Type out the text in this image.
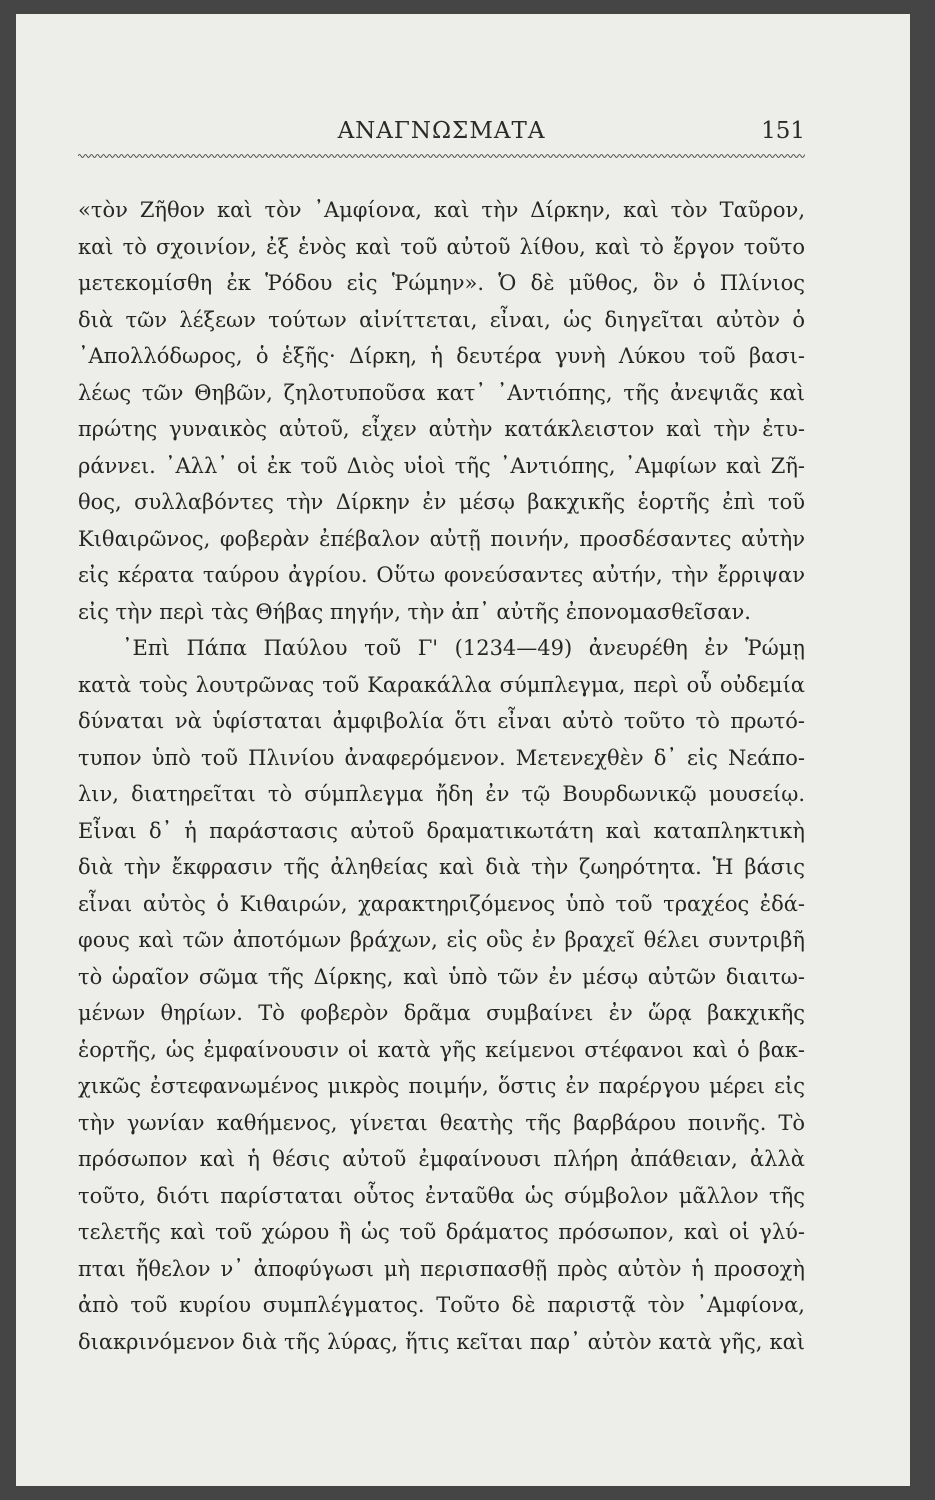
ΑΝΑΓΝΩΣΜΑΤΑ	151
«τὸν Ζῆθον καὶ τὸν ᾿Αμφίονα, καὶ τὴν Δίρκην, καὶ τὸν Ταῦρον,
καὶ τὸ σχοινίον, ἐξ ἑνὸς καὶ τοῦ αὐτοῦ λίθου, καὶ τὸ ἔργον τοῦτο
μετεκομίσθη ἐκ Ῥόδου εἰς Ῥώμην». Ὁ δὲ μῦθος, ὃν ὁ Πλίνιος
διὰ τῶν λέξεων τούτων αἰνίττεται, εἶναι, ὡς διηγεῖται αὐτὸν ὁ
᾿Απολλόδωρος, ὁ ἑξῆς· Δίρκη, ἡ δευτέρα γυνὴ Λύκου τοῦ βασι-
λέως τῶν Θηβῶν, ζηλοτυποῦσα κατ᾿ ᾿Αντιόπης, τῆς ἀνεψιᾶς καὶ
πρώτης γυναικὸς αὐτοῦ, εἶχεν αὐτὴν κατάκλειστον καὶ τὴν ἐτυ-
ράννει. ᾿Αλλ᾿ οἱ ἐκ τοῦ Διὸς υἱοὶ τῆς ᾿Αντιόπης, ᾿Αμφίων καὶ Ζῆ-
θος, συλλαβόντες τὴν Δίρκην ἐν μέσῳ βακχικῆς ἑορτῆς ἐπὶ τοῦ
Κιθαιρῶνος, φοβερὰν ἐπέβαλον αὐτῇ ποινήν, προσδέσαντες αὐτὴν
εἰς κέρατα ταύρου ἀγρίου. Οὕτω φονεύσαντες αὐτήν, τὴν ἔρριψαν
εἰς τὴν περὶ τὰς Θήβας πηγήν, τὴν ἀπ᾿ αὐτῆς ἐπονομασθεῖσαν.
᾿Επὶ Πάπα Παύλου τοῦ Γ' (1234—49) ἀνευρέθη ἐν Ῥώμῃ
κατὰ τοὺς λουτρῶνας τοῦ Καρακάλλα σύμπλεγμα, περὶ οὗ οὐδεμία
δύναται νὰ ὑφίσταται ἀμφιβολία ὅτι εἶναι αὐτὸ τοῦτο τὸ πρωτό-
τυπον ὑπὸ τοῦ Πλινίου ἀναφερόμενον. Μετενεχθὲν δ᾿ εἰς Νεάπο-
λιν, διατηρεῖται τὸ σύμπλεγμα ἤδη ἐν τῷ Βουρδωνικῷ μουσείῳ.
Εἶναι δ᾿ ἡ παράστασις αὐτοῦ δραματικωτάτη καὶ καταπληκτικὴ
διὰ τὴν ἔκφρασιν τῆς ἀληθείας καὶ διὰ τὴν ζωηρότητα. Ἡ βάσις
εἶναι αὐτὸς ὁ Κιθαιρών, χαρακτηριζόμενος ὑπὸ τοῦ τραχέος ἐδά-
φους καὶ τῶν ἀποτόμων βράχων, εἰς οὓς ἐν βραχεῖ θέλει συντριβῆ
τὸ ὡραῖον σῶμα τῆς Δίρκης, καὶ ὑπὸ τῶν ἐν μέσῳ αὐτῶν διαιτω-
μένων θηρίων. Τὸ φοβερὸν δρᾶμα συμβαίνει ἐν ὥρᾳ βακχικῆς
ἑορτῆς, ὡς ἐμφαίνουσιν οἱ κατὰ γῆς κείμενοι στέφανοι καὶ ὁ βακ-
χικῶς ἐστεφανωμένος μικρὸς ποιμήν, ὅστις ἐν παρέργου μέρει εἰς
τὴν γωνίαν καθήμενος, γίνεται θεατὴς τῆς βαρβάρου ποινῆς. Τὸ
πρόσωπον καὶ ἡ θέσις αὐτοῦ ἐμφαίνουσι πλήρη ἀπάθειαν, ἀλλὰ
τοῦτο, διότι παρίσταται οὗτος ἐνταῦθα ὡς σύμβολον μᾶλλον τῆς
τελετῆς καὶ τοῦ χώρου ἢ ὡς τοῦ δράματος πρόσωπον, καὶ οἱ γλύ-
πται ἤθελον ν᾿ ἀποφύγωσι μὴ περισπασθῇ πρὸς αὐτὸν ἡ προσοχὴ
ἀπὸ τοῦ κυρίου συμπλέγματος. Τοῦτο δὲ παριστᾷ τὸν ᾿Αμφίονα,
διακρινόμενον διὰ τῆς λύρας, ἥτις κεῖται παρ᾿ αὐτὸν κατὰ γῆς, καὶ
